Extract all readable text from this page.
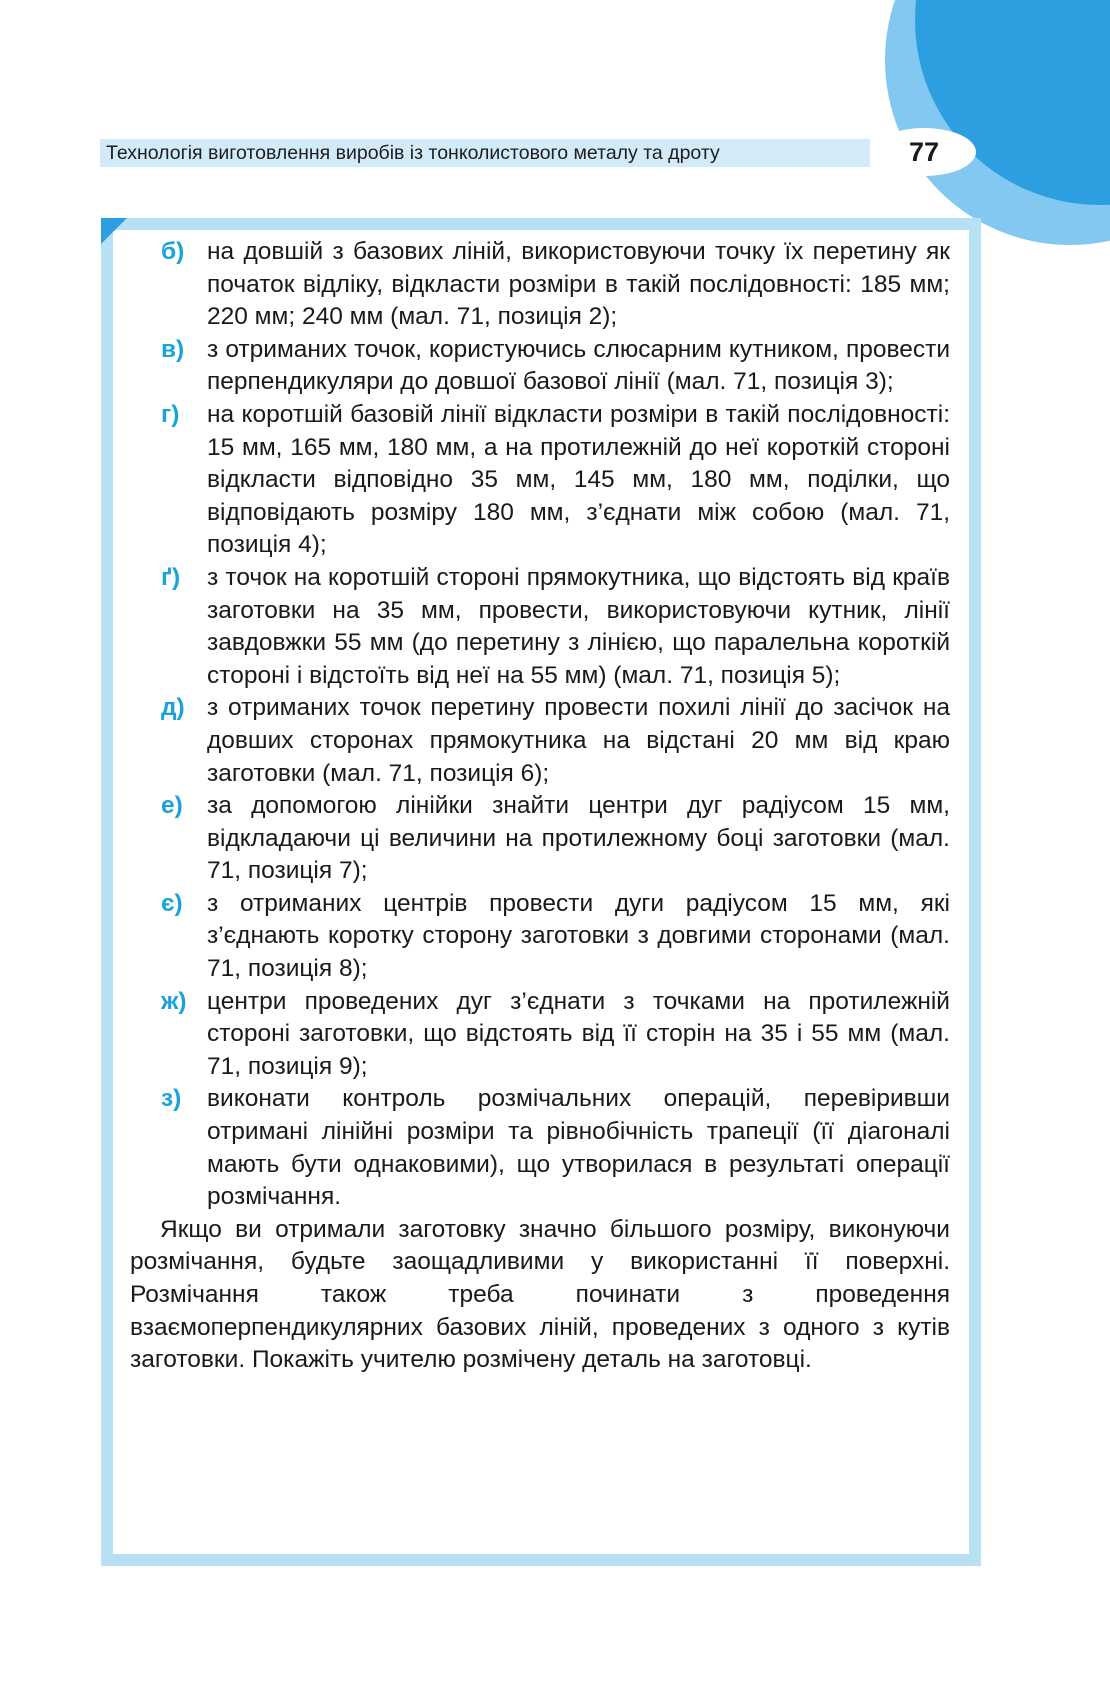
Технологія виготовлення виробів із тонколистового металу та дроту	77
б) на довшій з базових ліній, використовуючи точку їх перетину як початок відліку, відкласти розміри в такій послідовності: 185 мм; 220 мм; 240 мм (мал. 71, позиція 2);
в) з отриманих точок, користуючись слюсарним кутником, провести перпендикуляри до довшої базової лінії (мал. 71, позиція 3);
г)	на коротшій базовій лінії відкласти розміри в такій послідовності: 15 мм, 165 мм, 180 мм, а на протилежній до неї короткій стороні відкласти відповідно 35 мм, 145 мм, 180 мм, поділки, що відповідають розміру 180 мм, з’єднати між собою (мал. 71, позиція 4);
ґ)	з точок на коротшій стороні прямокутника, що відстоять від країв заготовки на 35 мм, провести, використовуючи кутник, лінії завдовжки 55 мм (до перетину з лінією, що паралельна короткій стороні і відстоїть від неї на 55 мм) (мал. 71, позиція 5);
д) з отриманих точок перетину провести похилі лінії до засічок на довших сторонах прямокутника на відстані 20 мм від краю заготовки (мал. 71, позиція 6);
е) за допомогою лінійки знайти центри дуг радіусом 15 мм, відкладаючи ці величини на протилежному боці заготовки (мал. 71, позиція 7);
є) з отриманих центрів провести дуги радіусом 15 мм, які з’єднають коротку сторону заготовки з довгими сторонами (мал. 71, позиція 8);
ж) центри проведених дуг з’єднати з точками на протилежній стороні заготовки, що відстоять від її сторін на 35 і 55 мм (мал. 71, позиція 9);
з)	виконати контроль розмічальних операцій, перевіривши отримані лінійні розміри та рівнобічність трапеції (її діагоналі мають бути однаковими), що утворилася в результаті операції розмічання.

Якщо ви отримали заготовку значно більшого розміру, виконуючи розмічання, будьте заощадливими у використанні її поверхні. Розмічання також треба починати з проведення взаємоперпендикулярних базових ліній, проведених з одного з кутів заготовки. Покажіть учителю розмічену деталь на заготовці.
